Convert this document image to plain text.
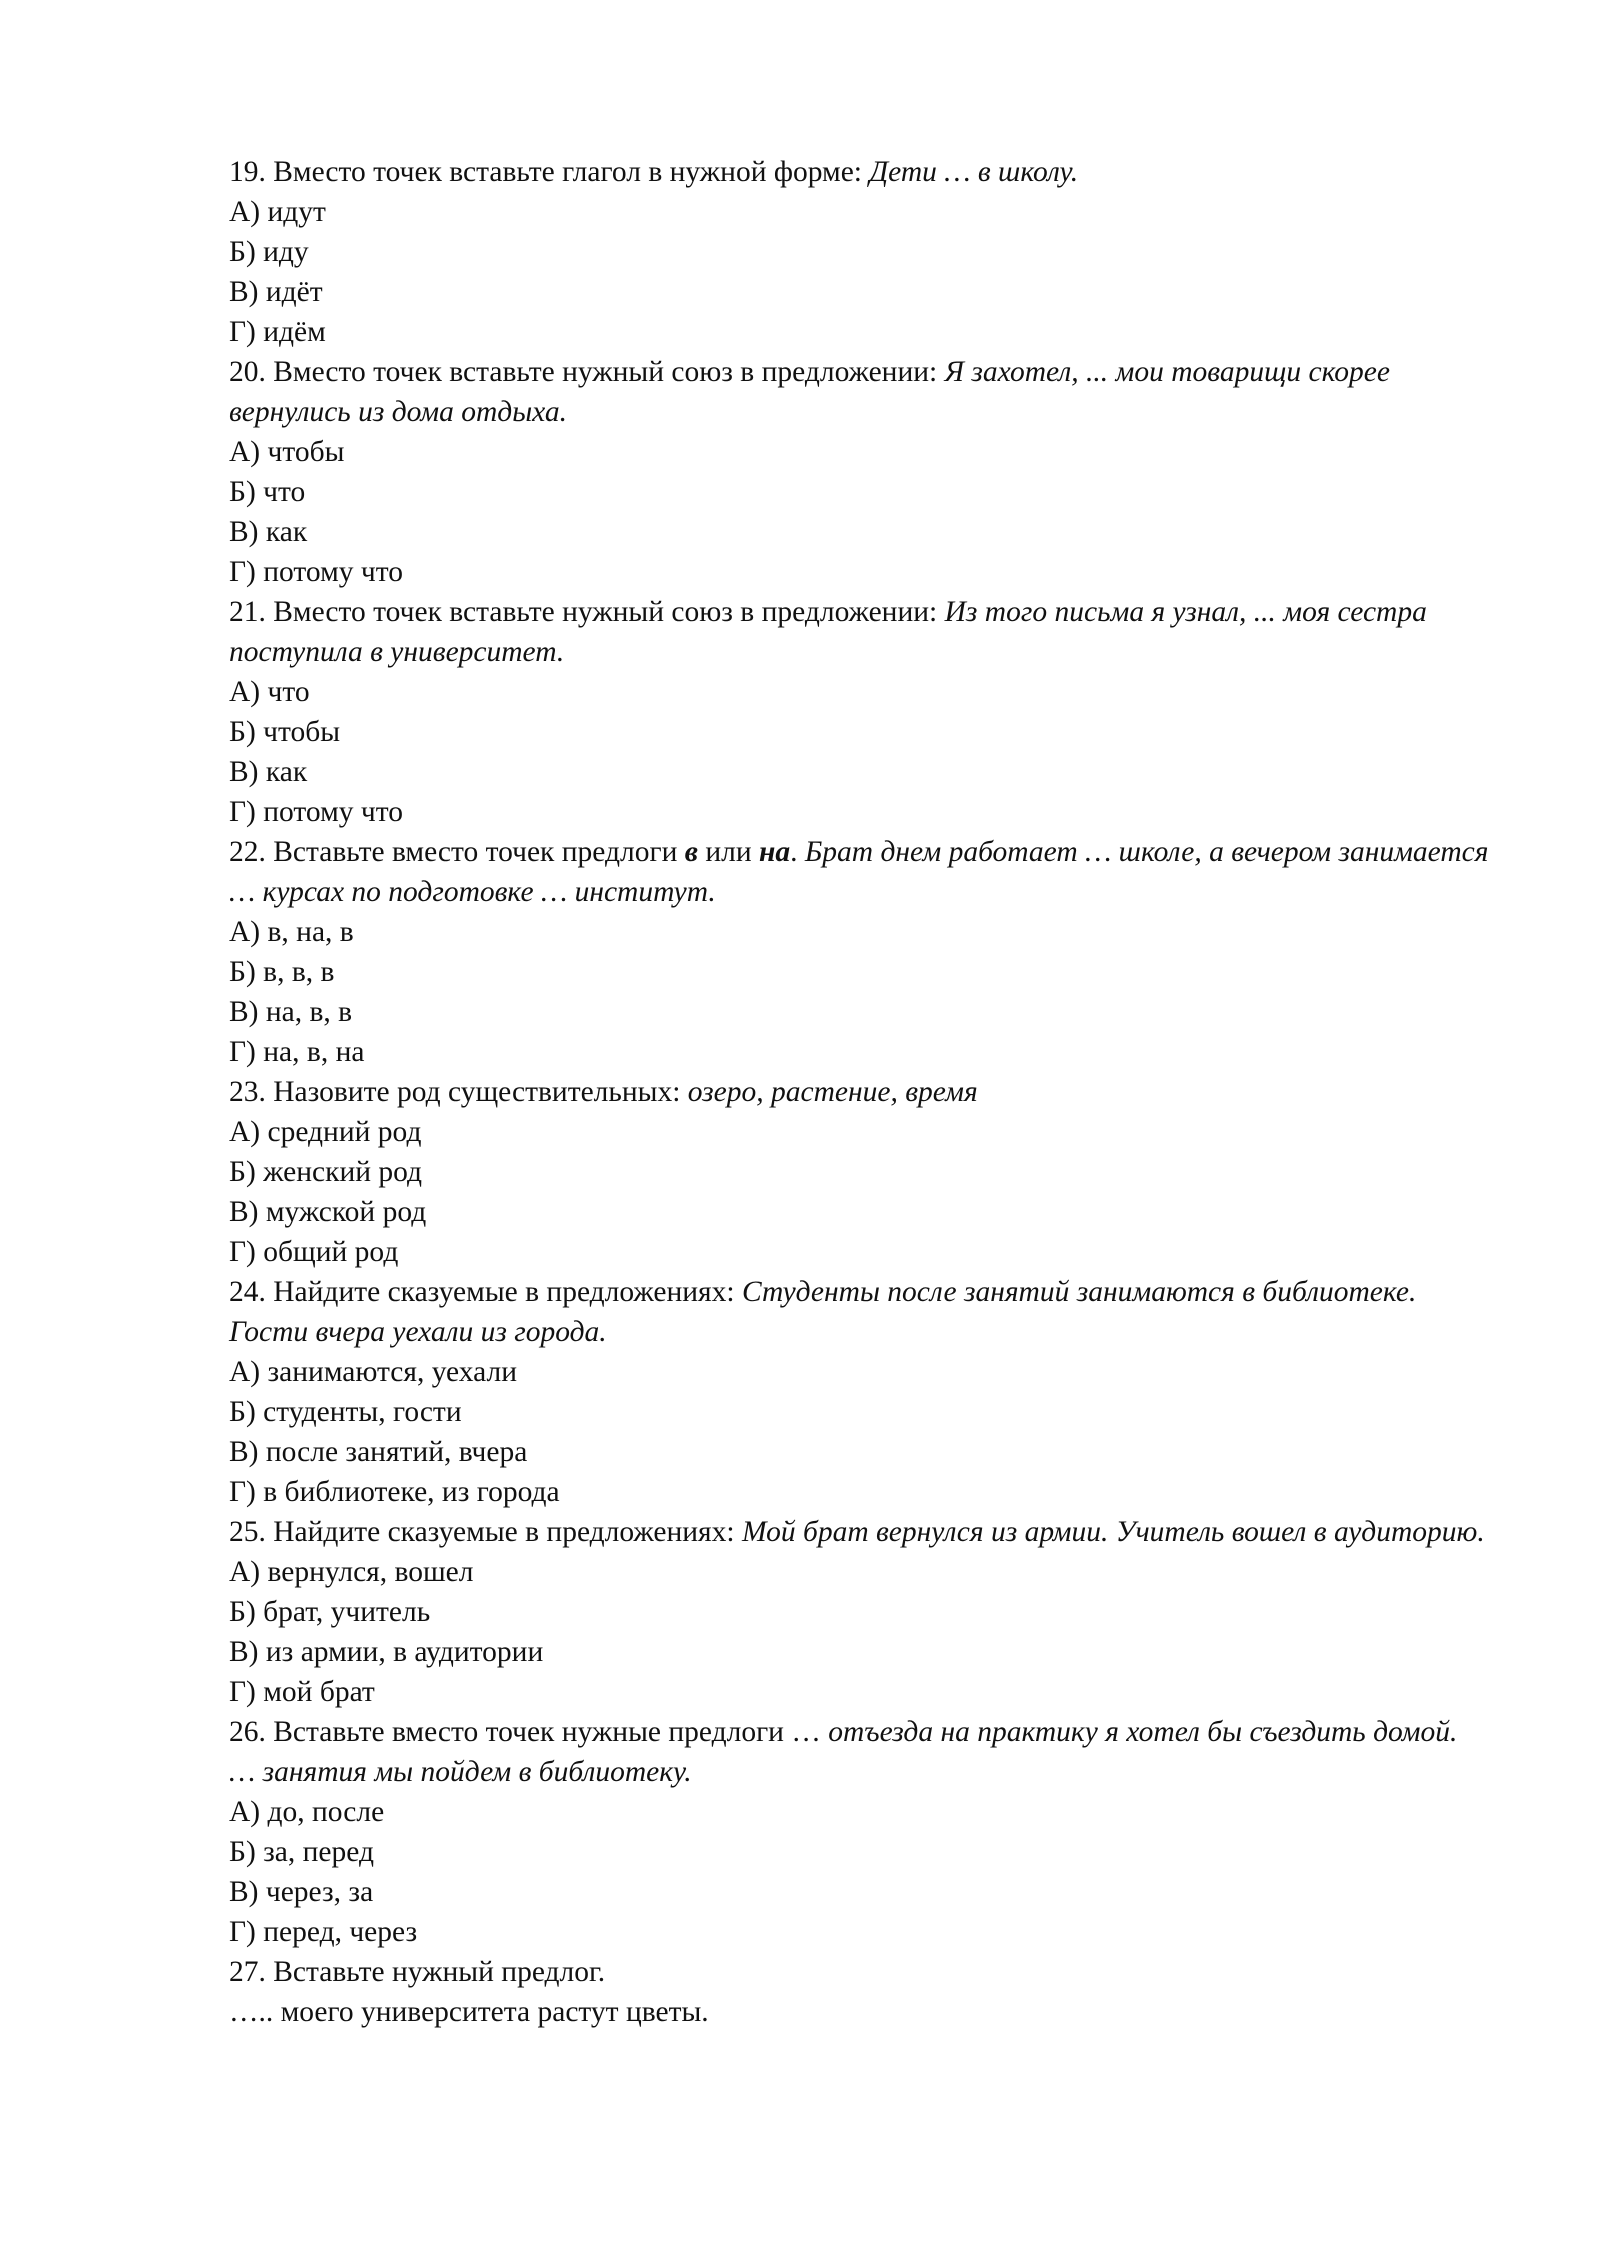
19. Вместо точек вставьте глагол в нужной форме: Дети … в школу.

А) идут

Б) иду

В) идёт

Г) идём

20. Вместо точек вставьте нужный союз в предложении: Я захотел, ... мои товарищи скорее вернулись из дома отдыха.

А) чтобы

Б) что

В) как

Г) потому что

21. Вместо точек вставьте нужный союз в предложении: Из того письма я узнал, ... моя сестра поступила в университет.

А) что

Б) чтобы

В) как

Г) потому что

22. Вставьте вместо точек предлоги в или на. Брат днем работает … школе, а вечером занимается … курсах по подготовке … институт.

А) в, на, в

Б) в, в, в

В) на, в, в

Г) на, в, на

23. Назовите род существительных: озеро, растение, время

А) средний род

Б) женский род

В) мужской род

Г) общий род

24. Найдите сказуемые в предложениях: Студенты после занятий занимаются в библиотеке. Гости вчера уехали из города.

А) занимаются, уехали

Б) студенты, гости

В) после занятий, вчера

Г) в библиотеке, из города

25. Найдите сказуемые в предложениях: Мой брат вернулся из армии. Учитель вошел в аудиторию.

А) вернулся, вошел

Б) брат, учитель

В) из армии, в аудитории

Г) мой брат

26. Вставьте вместо точек нужные предлоги … отъезда на практику я хотел бы съездить домой. … занятия мы пойдем в библиотеку.

А) до, после

Б) за, перед

В) через, за

Г) перед, через

27. Вставьте нужный предлог.

….. моего университета растут цветы.
